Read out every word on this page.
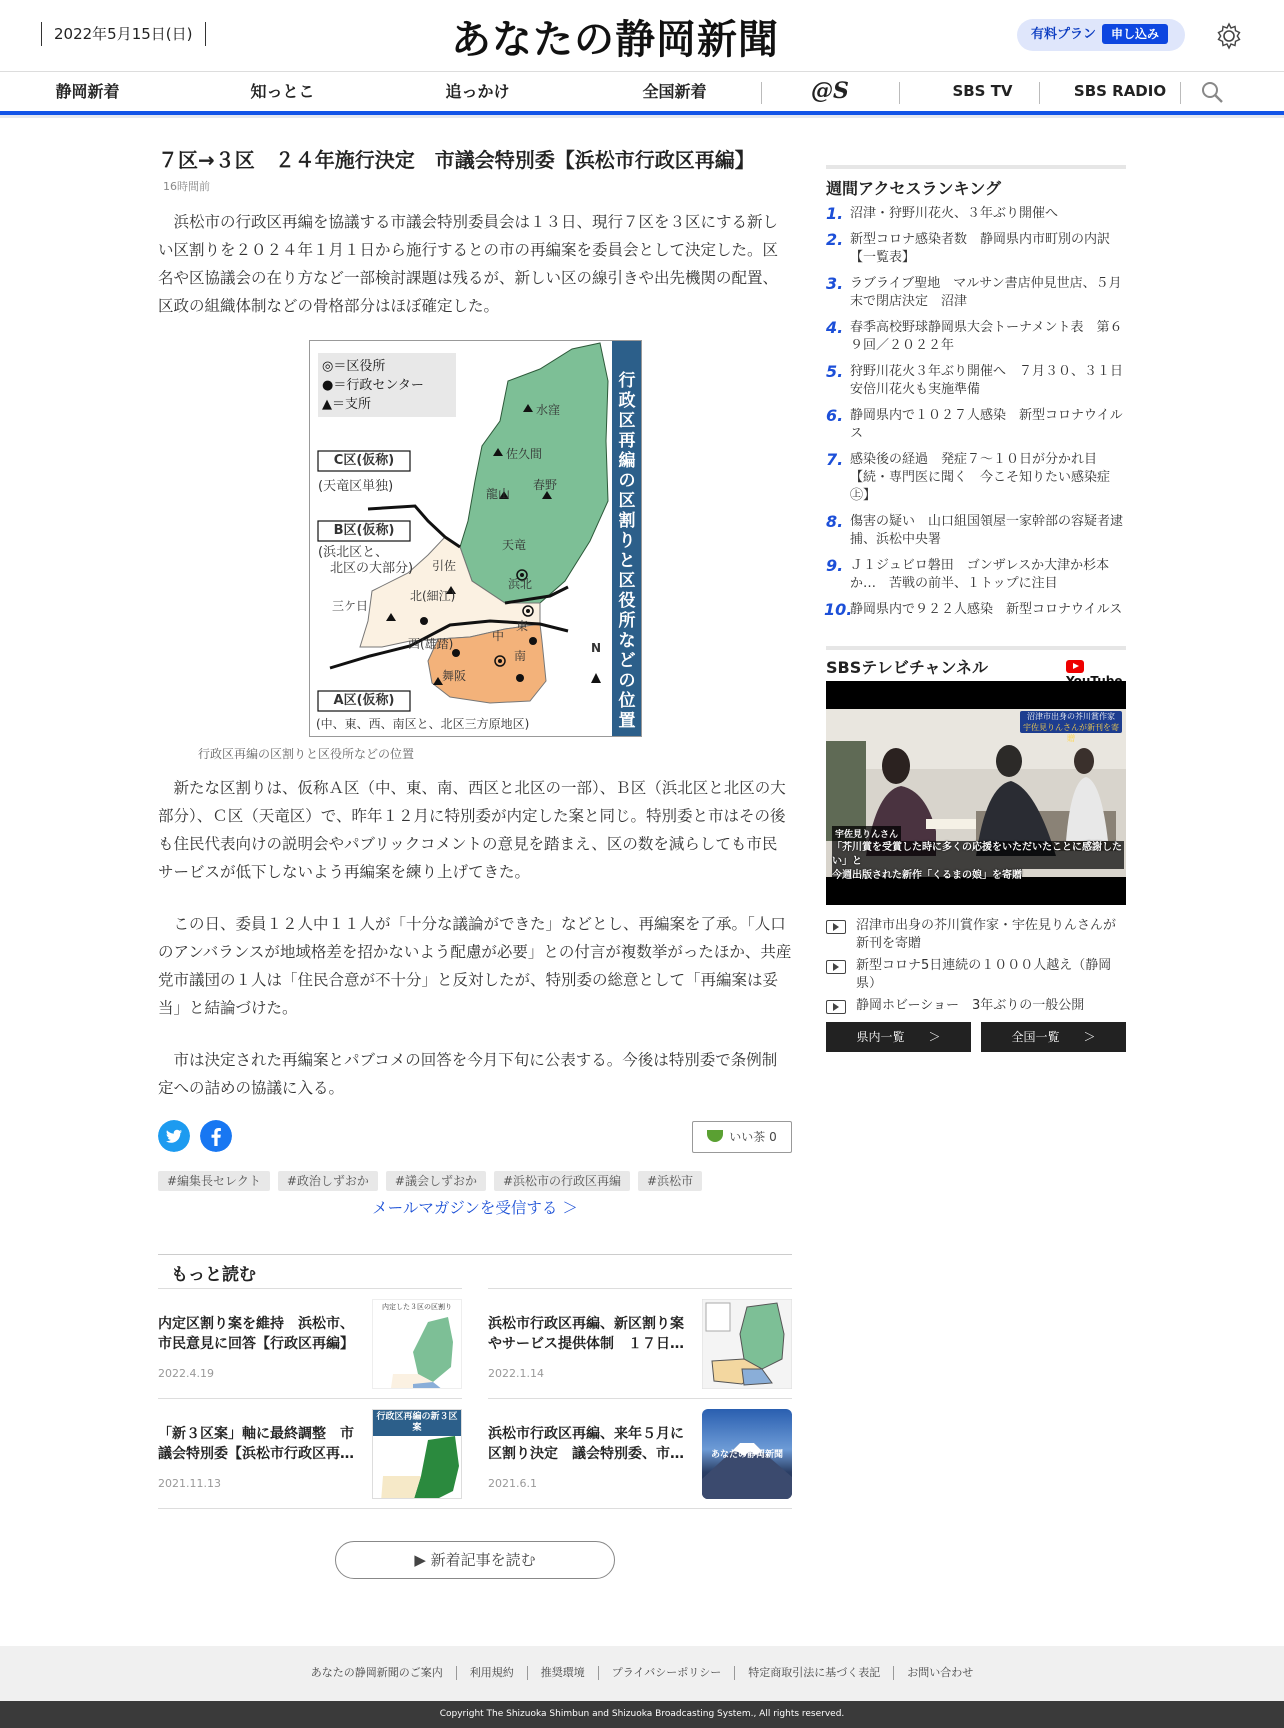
2022年5月15日(日)	あなたの静岡新聞	有料プラン 申し込み
静岡新着	知っとこ	追っかけ	全国新着	@S	SBS TV	SBS RADIO
７区→３区　２４年施行決定　市議会特別委【浜松市行政区再編】
16時間前

浜松市の行政区再編を協議する市議会特別委員会は１３日、現行７区を３区にする新しい区割りを２０２４年１月１日から施行するとの市の再編案を委員会として決定した。区名や区協議会の在り方など一部検討課題は残るが、新しい区の線引きや出先機関の配置、区政の組織体制などの骨格部分はほぼ確定した。

◎＝区役所
●＝行政センター
▲＝支所
行政区再編の区割りと区役所などの位置
C区(仮称)
(天竜区単独)
B区(仮称)
(浜北区と、
北区の大部分)
A区(仮称)
(中、東、西、南区と、北区三方原地区)
水窪
佐久間
龍山
春野
天竜
浜北
引佐
北(細江)
三ケ日
東
中
西(雄踏)
南
舞阪
N
行政区再編の区割りと区役所などの位置

新たな区割りは、仮称Ａ区（中、東、南、西区と北区の一部）、Ｂ区（浜北区と北区の大部分）、Ｃ区（天竜区）で、昨年１２月に特別委が内定した案と同じ。特別委と市はその後も住民代表向けの説明会やパブリックコメントの意見を踏まえ、区の数を減らしても市民サービスが低下しないよう再編案を練り上げてきた。

この日、委員１２人中１１人が「十分な議論ができた」などとし、再編案を了承。「人口のアンバランスが地域格差を招かないよう配慮が必要」との付言が複数挙がったほか、共産党市議団の１人は「住民合意が不十分」と反対したが、特別委の総意として「再編案は妥当」と結論づけた。

市は決定された再編案とパブコメの回答を今月下旬に公表する。今後は特別委で条例制定への詰めの協議に入る。

いい茶 0
#編集長セレクト #政治しずおか #議会しずおか #浜松市の行政区再編 #浜松市
メールマガジンを受信する ＞
もっと読む
内定区割り案を維持　浜松市、市民意見に回答【行政区再編】
2022.4.19
内定した３区の区割り
浜松市行政区再編、新区割り案やサービス提供体制　１７日…
2022.1.14
「新３区案」軸に最終調整　市議会特別委【浜松市行政区再…
2021.11.13
行政区再編の新３区案	浜松市行政区再編、来年５月に区割り決定　議会特別委、市…
2021.6.1
あなたの静岡新聞
▶ 新着記事を読む
週間アクセスランキング
1. 沼津・狩野川花火、３年ぶり開催へ
2. 新型コロナ感染者数　静岡県内市町別の内訳【一覧表】
3. ラブライブ聖地　マルサン書店仲見世店、５月末で閉店決定　沼津
4. 春季高校野球静岡県大会トーナメント表　第６９回／２０２２年
5. 狩野川花火３年ぶり開催へ　７月３０、３１日安倍川花火も実施準備
6. 静岡県内で１０２７人感染　新型コロナウイルス
7. 感染後の経過　発症７～１０日が分かれ目【続・専門医に聞く　今こそ知りたい感染症㊤】
8. 傷害の疑い　山口組国領屋一家幹部の容疑者逮捕、浜松中央署
9. Ｊ１ジュビロ磐田　ゴンザレスか大津か杉本か…　苦戦の前半、１トップに注目
10.
静岡県内で９２２人感染　新型コロナウイルス
SBSテレビチャンネル
沼津市出身の芥川賞作家
宇佐見りんさんが新刊を寄贈
宇佐見りんさん
「芥川賞を受賞した時に多くの応援をいただいたことに感謝したい」と 今週出版された新作「くるまの娘」を寄贈
沼津市出身の芥川賞作家・宇佐見りんさんが新刊を寄贈
新型コロナ5日連続の１０００人越え（静岡県）
静岡ホビーショー　3年ぶりの一般公開
県内一覧　　 ＞	全国一覧　　 ＞
あなたの静岡新聞のご案内 利用規約 推奨環境 プライバシーポリシー 特定商取引法に基づく表記 お問い合わせ
Copyright The Shizuoka Shimbun and Shizuoka Broadcasting System., All rights reserved.
